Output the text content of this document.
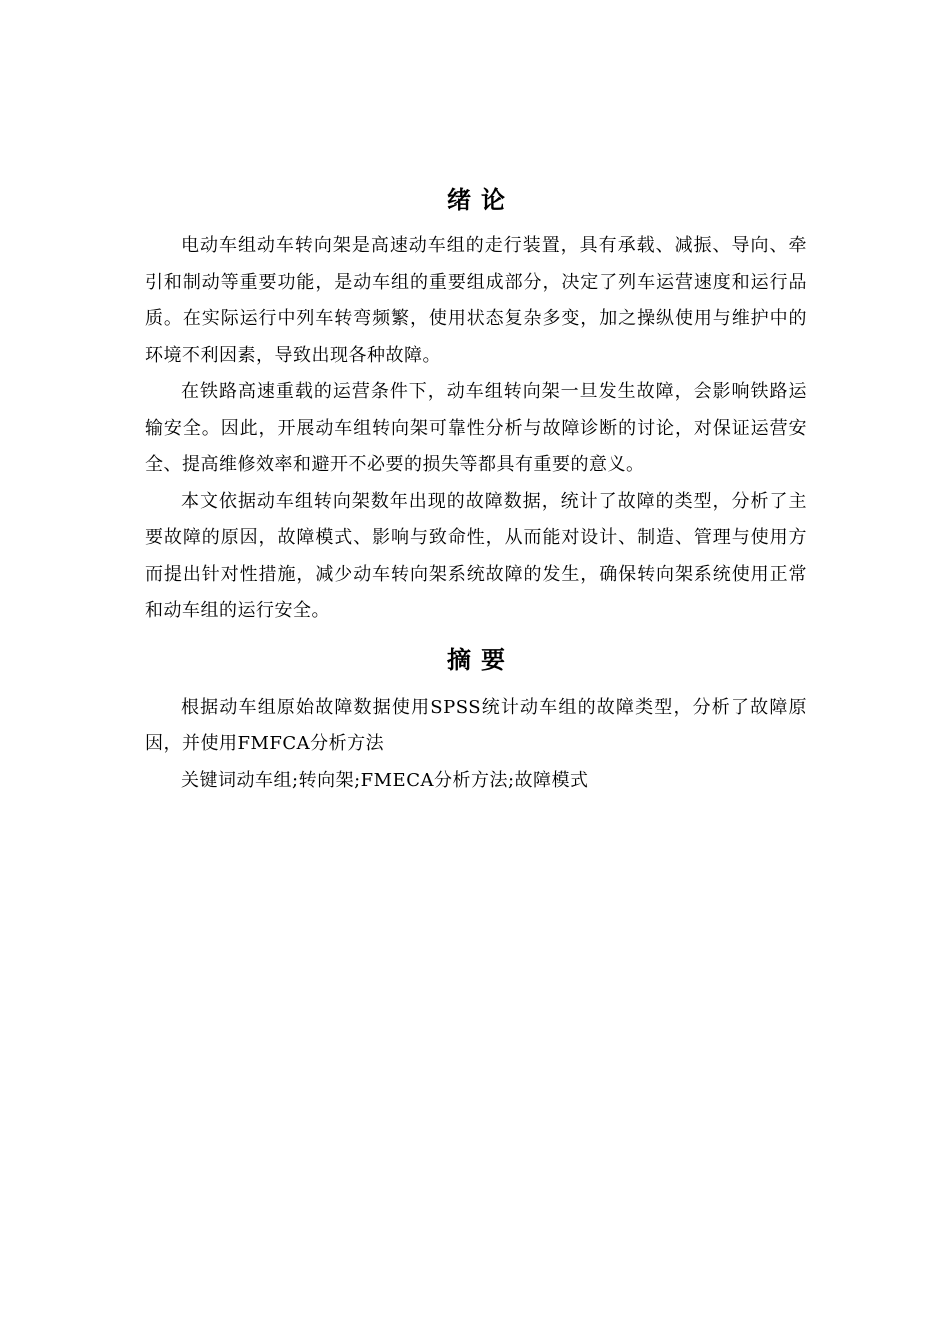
绪论

电动车组动车转向架是高速动车组的走行装置，具有承载、减振、导向、牵引和制动等重要功能，是动车组的重要组成部分，决定了列车运营速度和运行品质。在实际运行中列车转弯频繁，使用状态复杂多变，加之操纵使用与维护中的环境不利因素，导致出现各种故障。

在铁路高速重载的运营条件下，动车组转向架一旦发生故障，会影响铁路运输安全。因此，开展动车组转向架可靠性分析与故障诊断的讨论，对保证运营安全、提高维修效率和避开不必要的损失等都具有重要的意义。

本文依据动车组转向架数年出现的故障数据，统计了故障的类型，分析了主要故障的原因，故障模式、影响与致命性，从而能对设计、制造、管理与使用方而提出针对性措施，减少动车转向架系统故障的发生，确保转向架系统使用正常和动车组的运行安全。

摘要

根据动车组原始故障数据使用SPSS统计动车组的故障类型，分析了故障原因，并使用FMFCA分析方法

关键词动车组;转向架;FMECA分析方法;故障模式
